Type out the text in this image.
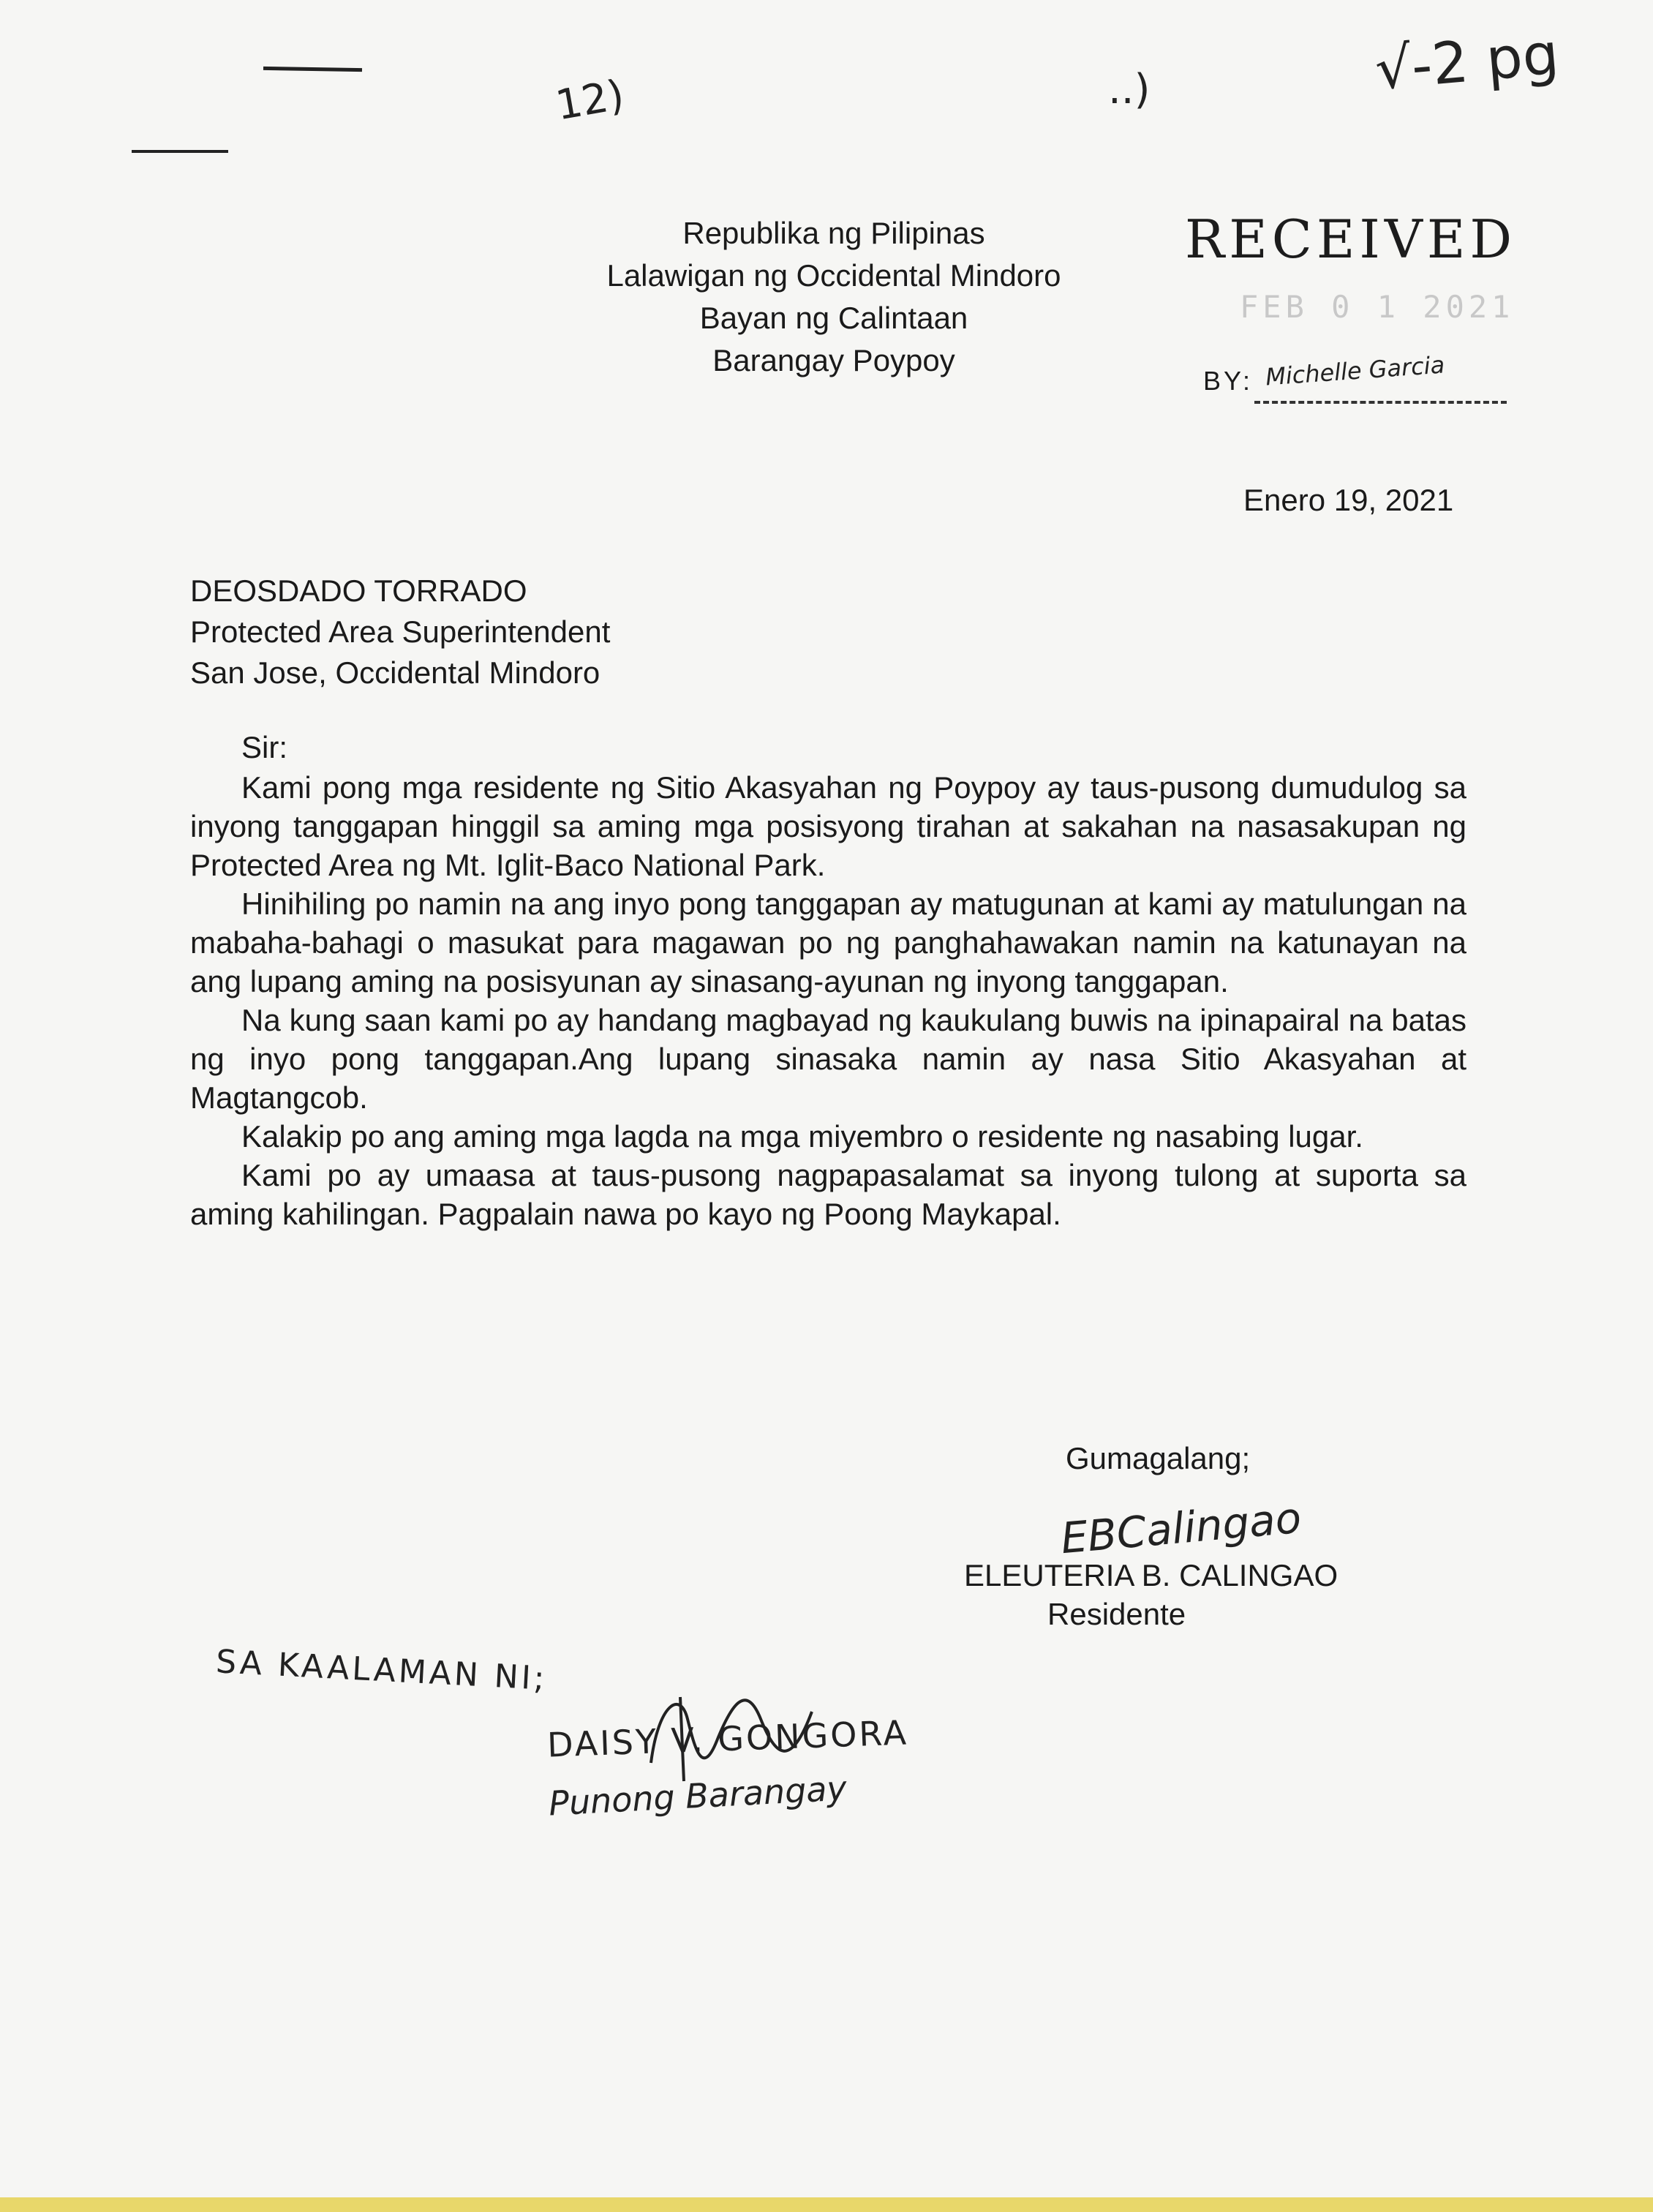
12)	..)	√-2 pg
Republika ng Pilipinas
Lalawigan ng Occidental Mindoro
Bayan ng Calintaan
Barangay Poypoy
RECEIVED
FEB 0 1 2021
BY: Michelle Garcia
Enero 19, 2021
DEOSDADO TORRADO
Protected Area Superintendent
San Jose, Occidental Mindoro
Sir:

Kami pong mga residente ng Sitio Akasyahan ng Poypoy ay taus-pusong dumudulog sa inyong tanggapan hinggil sa aming mga posisyong tirahan at sakahan na nasasakupan ng Protected Area ng Mt. Iglit-Baco National Park.

Hinihiling po namin na ang inyo pong tanggapan ay matugunan at kami ay matulungan na mabaha-bahagi o masukat para magawan po ng panghahawakan namin na katunayan na ang lupang aming na posisyunan ay sinasang-ayunan ng inyong tanggapan.

Na kung saan kami po ay handang magbayad ng kaukulang buwis na ipinapairal na batas ng inyo pong tanggapan.Ang lupang sinasaka namin ay nasa Sitio Akasyahan at Magtangcob.

Kalakip po ang aming mga lagda na mga miyembro o residente ng nasabing lugar.

Kami po ay umaasa at taus-pusong nagpapasalamat sa inyong tulong at suporta sa aming kahilingan. Pagpalain nawa po kayo ng Poong Maykapal.

Gumagalang;
EBCalingao
ELEUTERIA B. CALINGAO
Residente
SA KAALAMAN NI;
DAISY V. GONGORA
Punong Barangay
